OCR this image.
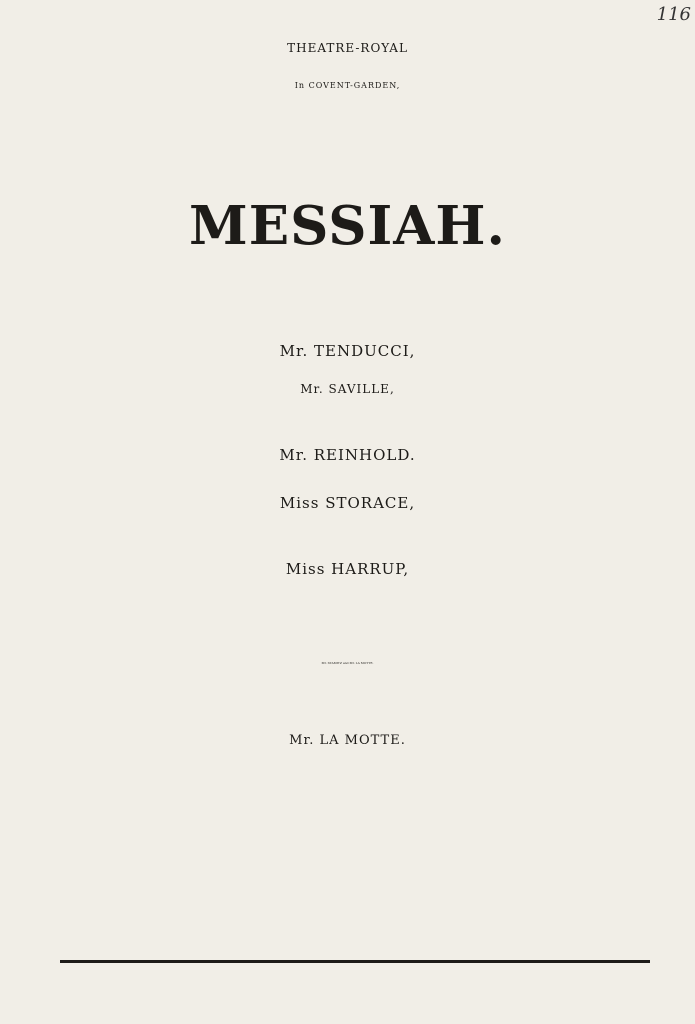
116
THEATRE-ROYAL
In COVENT-GARDEN,
MESSIAH.
Mr. TENDUCCI,
Mr. SAVILLE,
Mr. REINHOLD.
Miss STORACE,
Miss HARRUP,
Mr. STAMITZ and Mr. LA MOTTE.
Mr. LA MOTTE.
